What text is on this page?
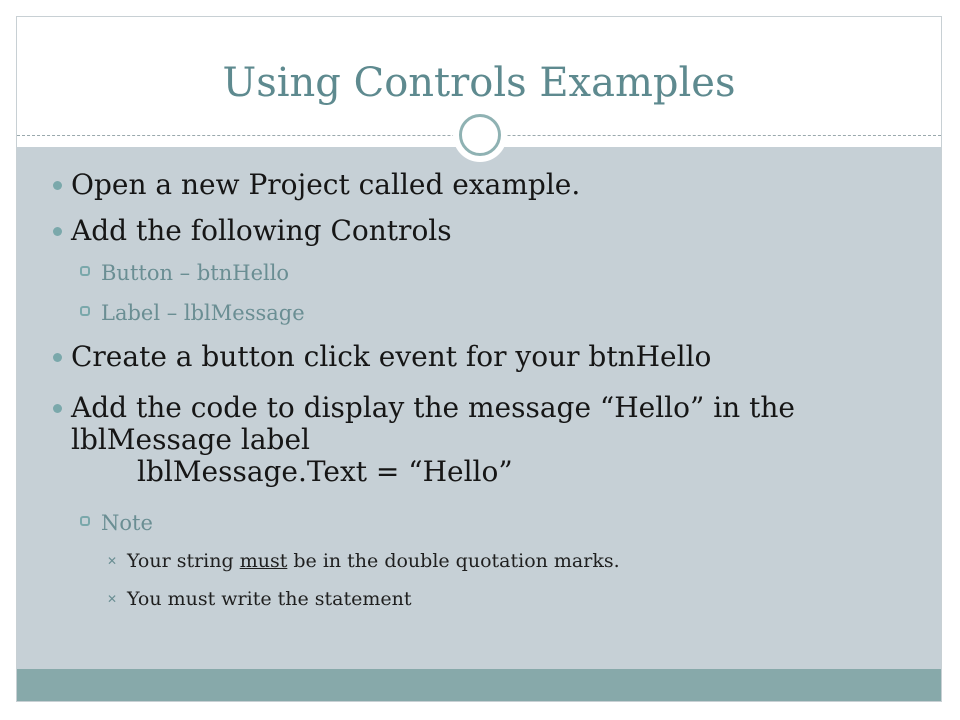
Using Controls Examples
Open a new Project called example.
Add the following Controls
Button – btnHello
Label – lblMessage
Create a button click event for your btnHello
Add the code to display the message “Hello” in the
lblMessage label
lblMessage.Text = “Hello”
Note
✕ Your string must be in the double quotation marks.
✕ You must write the statement
